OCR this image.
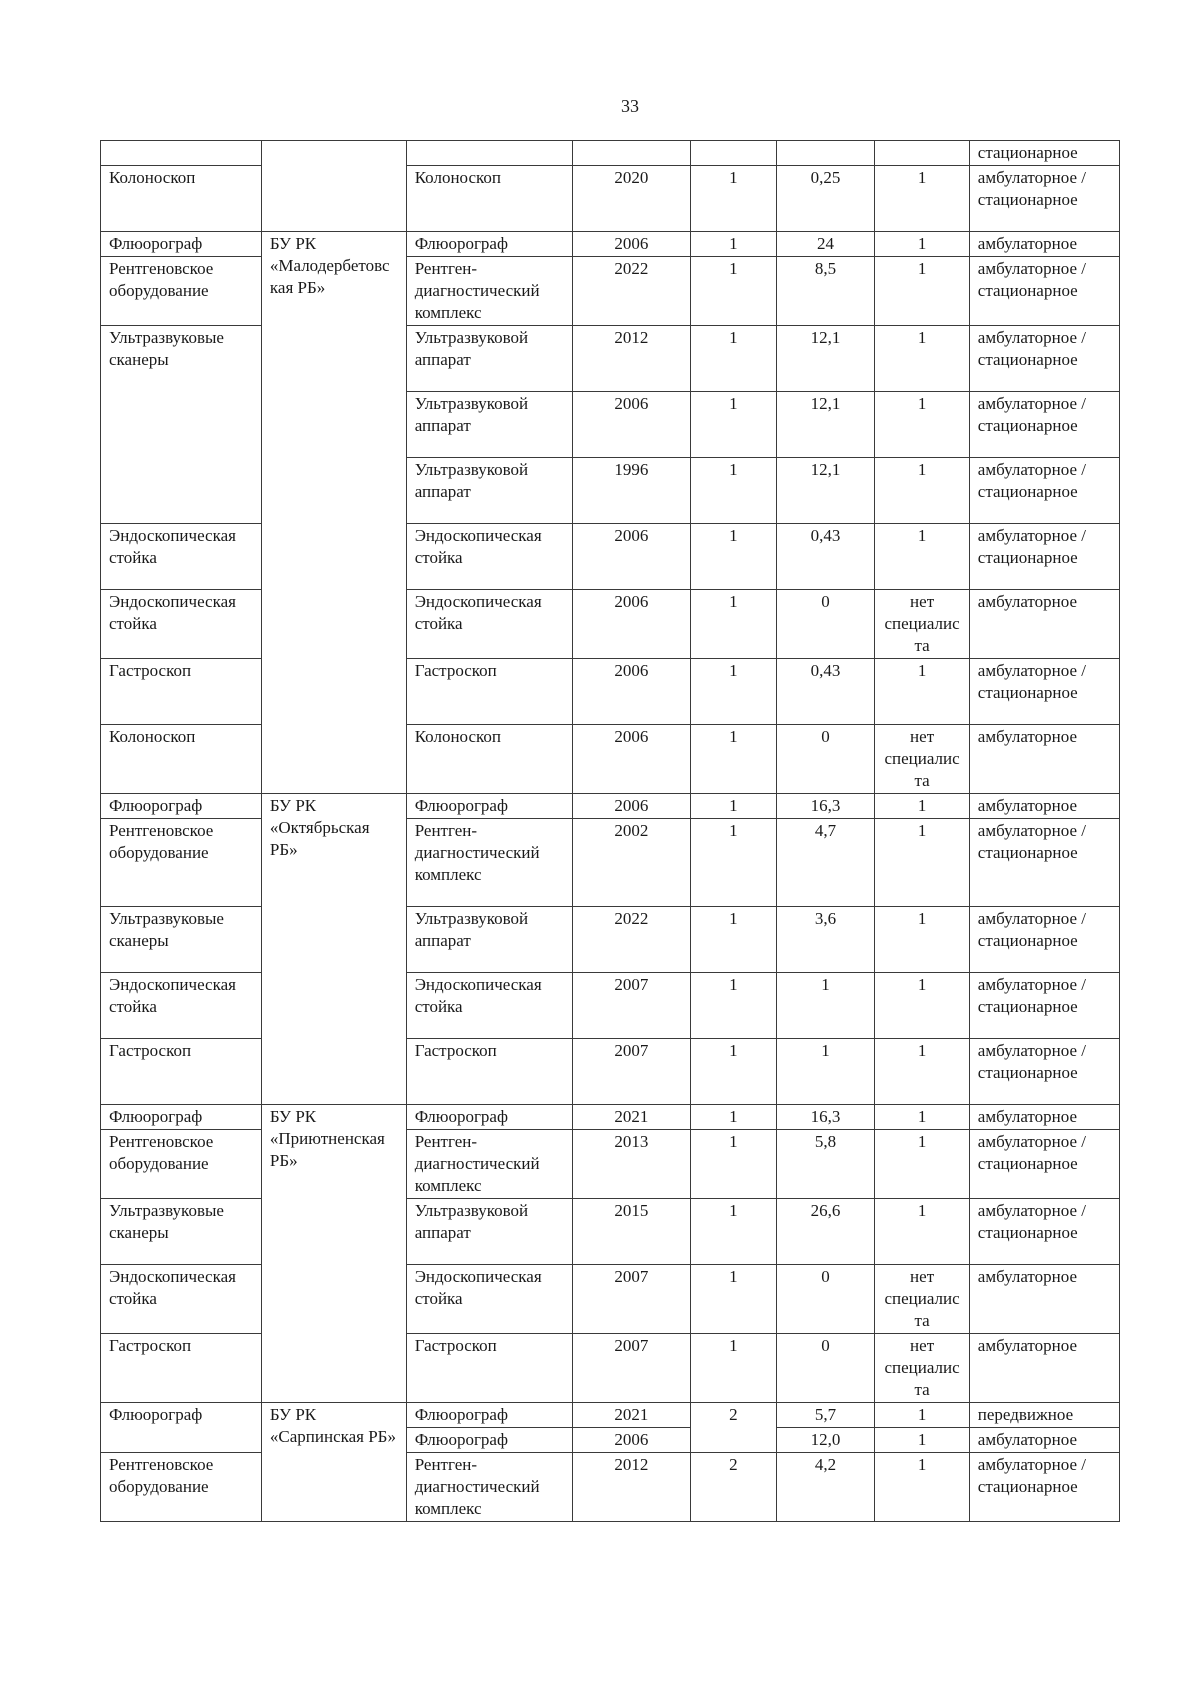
33
							стационарное
Колоноскоп		Колоноскоп	2020	1	0,25	1	амбулаторное / стационарное
Флюорограф	БУ РК «Малодербетовская РБ»	Флюорограф	2006	1	24	1	амбулаторное
Рентгеновское оборудование		Рентген-диагностический комплекс	2022	1	8,5	1	амбулаторное / стационарное
Ультразвуковые сканеры		Ультразвуковой аппарат	2012	1	12,1	1	амбулаторное / стационарное
		Ультразвуковой аппарат	2006	1	12,1	1	амбулаторное / стационарное
		Ультразвуковой аппарат	1996	1	12,1	1	амбулаторное / стационарное
Эндоскопическая стойка		Эндоскопическая стойка	2006	1	0,43	1	амбулаторное / стационарное
Эндоскопическая стойка		Эндоскопическая стойка	2006	1	0	нет специалиста	амбулаторное
Гастроскоп		Гастроскоп	2006	1	0,43	1	амбулаторное / стационарное
Колоноскоп		Колоноскоп	2006	1	0	нет специалиста	амбулаторное
Флюорограф	БУ РК «Октябрьская РБ»	Флюорограф	2006	1	16,3	1	амбулаторное
Рентгеновское оборудование		Рентген-диагностический комплекс	2002	1	4,7	1	амбулаторное / стационарное
Ультразвуковые сканеры		Ультразвуковой аппарат	2022	1	3,6	1	амбулаторное / стационарное
Эндоскопическая стойка		Эндоскопическая стойка	2007	1	1	1	амбулаторное / стационарное
Гастроскоп		Гастроскоп	2007	1	1	1	амбулаторное / стационарное
Флюорограф	БУ РК «Приютненская РБ»	Флюорограф	2021	1	16,3	1	амбулаторное
Рентгеновское оборудование		Рентген-диагностический комплекс	2013	1	5,8	1	амбулаторное / стационарное
Ультразвуковые сканеры		Ультразвуковой аппарат	2015	1	26,6	1	амбулаторное / стационарное
Эндоскопическая стойка		Эндоскопическая стойка	2007	1	0	нет специалиста	амбулаторное
Гастроскоп		Гастроскоп	2007	1	0	нет специалиста	амбулаторное
Флюорограф	БУ РК «Сарпинская РБ»	Флюорограф	2021	2	5,7	1	передвижное
		Флюорограф	2006		12,0	1	амбулаторное
Рентгеновское оборудование		Рентген-диагностический комплекс	2012	2	4,2	1	амбулаторное / стационарное
